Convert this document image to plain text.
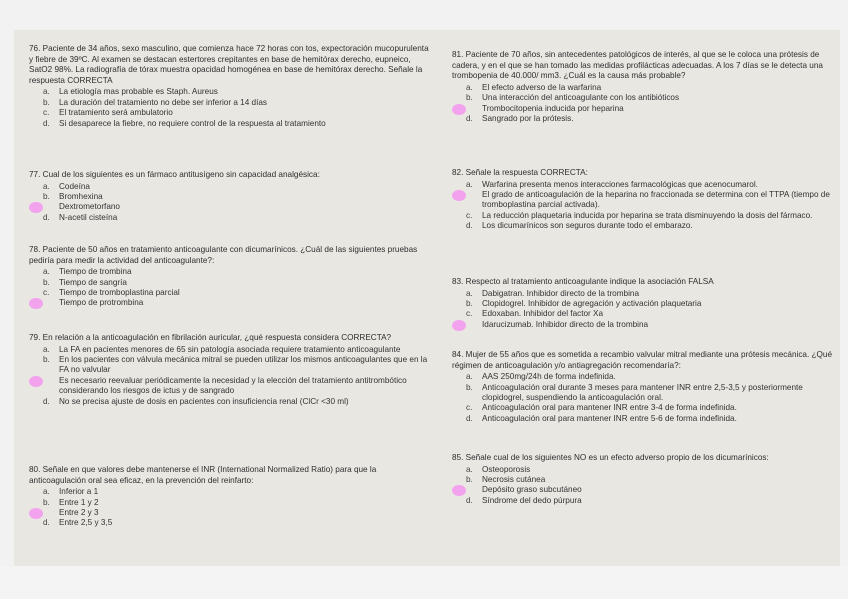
76. Paciente de 34 años, sexo masculino, que comienza hace 72 horas con tos, expectoración mucopurulenta y fiebre de 39ºC. Al examen se destacan estertores crepitantes en base de hemitórax derecho, eupneico, SatO2 98%. La radiografía de tórax muestra opacidad homogénea en base de hemitórax derecho. Señale la respuesta CORRECTA

a.	La etiología mas probable es Staph. Aureus
b.	La duración del tratamiento no debe ser inferior a 14 días
c.	El tratamiento será ambulatorio
d.	Si desaparece la fiebre, no requiere control de la respuesta al tratamiento

77. Cual de los siguientes es un fármaco antitusígeno sin capacidad analgésica:

a.	Codeína
b.	Bromhexina
Dextrometorfano
d.	N-acetil cisteína

78. Paciente de 50 años en tratamiento anticoagulante con dicumarínicos. ¿Cuál de las siguientes pruebas pediría para medir la actividad del anticoagulante?:

a.	Tiempo de trombina
b.	Tiempo de sangría
c.	Tiempo de tromboplastina parcial
Tiempo de protrombina

79. En relación a la anticoagulación en fibrilación auricular, ¿qué respuesta considera CORRECTA?

a.	La FA en pacientes menores de 65 sin patología asociada requiere tratamiento anticoagulante
b.	En los pacientes con válvula mecánica mitral se pueden utilizar los mismos anticoagulantes que en la FA no valvular
Es necesario reevaluar periódicamente la necesidad y la elección del tratamiento antitrombótico considerando los riesgos de ictus y de sangrado
d.	No se precisa ajuste de dosis en pacientes con insuficiencia renal (ClCr <30 ml)

80. Señale en que valores debe mantenerse el INR (International Normalized Ratio) para que la anticoagulación oral sea eficaz, en la prevención del reinfarto:

a.	Inferior a 1
b.	Entre 1 y 2
Entre 2 y 3
d.	Entre 2,5 y 3,5

81. Paciente de 70 años, sin antecedentes patológicos de interés, al que se le coloca una prótesis de cadera, y en el que se han tomado las medidas profilácticas adecuadas. A los 7 días se le detecta una trombopenia de 40.000/ mm3. ¿Cuál es la causa más probable?

a.	El efecto adverso de la warfarina
b.	Una interacción del anticoagulante con los antibióticos
Trombocitopenia inducida por heparina
d.	Sangrado por la prótesis.

82. Señale la respuesta CORRECTA:

a.	Warfarina presenta menos interacciones farmacológicas que acenocumarol.
El grado de anticoagulación de la heparina no fraccionada se determina con el TTPA (tiempo de tromboplastina parcial activada).
c.	La reducción plaquetaria inducida por heparina se trata disminuyendo la dosis del fármaco.
d.	Los dicumarínicos son seguros durante todo el embarazo.

83. Respecto al tratamiento anticoagulante indique la asociación FALSA

a.	Dabigatran. Inhibidor directo de la trombina
b.	Clopidogrel. Inhibidor de agregación y activación plaquetaria
c.	Edoxaban. Inhibidor del factor Xa
Idarucizumab. Inhibidor directo de la trombina

84. Mujer de 55 años que es sometida a recambio valvular mitral mediante una prótesis mecánica. ¿Qué régimen de anticoagulación y/o antiagregación recomendaría?:

a.	AAS 250mg/24h de forma indefinida.
b.	Anticoagulación oral durante 3 meses para mantener INR entre 2,5-3,5 y posteriormente clopidogrel, suspendiendo la anticoagulación oral.
c.	Anticoagulación oral para mantener INR entre 3-4 de forma indefinida.
d.	Anticoagulación oral para mantener INR entre 5-6 de forma indefinida.

85. Señale cual de los siguientes NO es un efecto adverso propio de los dicumarínicos:

a.	Osteoporosis
b.	Necrosis cutánea
Depósito graso subcutáneo
d.	Síndrome del dedo púrpura
